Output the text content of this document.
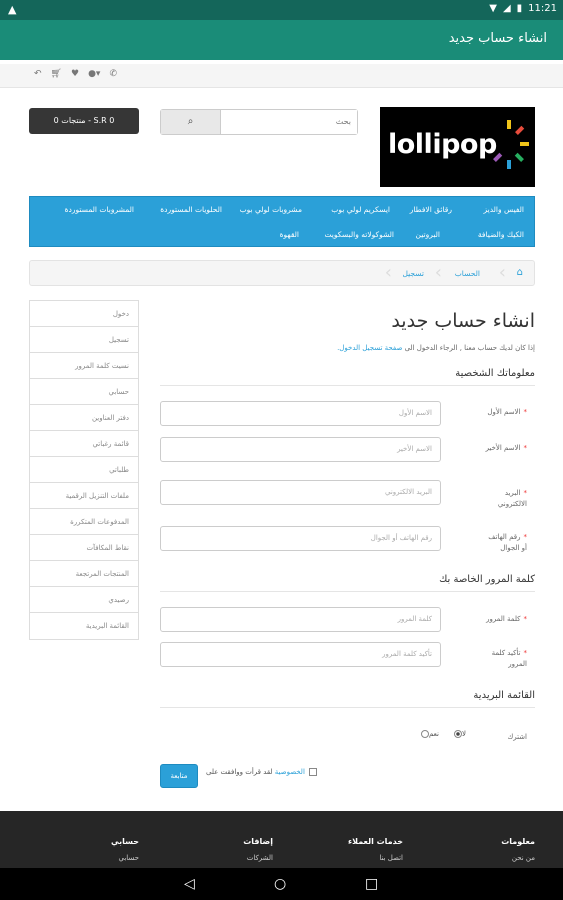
▲	▼ ◢ ▮ 11:21
انشاء حساب جديد
↶ 🛒︎ ♥ ●▾ ✆
0 منتجات - S.R 0	⌕
بحث
lollipop
الفيس والديز
رقائق الافطار
ايسكريم لولي بوب
مشروبات لولي بوب
الحلويات المستوردة
المشروبات المستوردة
الكيك والضيافة
البروتين
الشوكولاته والبسكويت
القهوة
⌂
‹
الحساب
‹
تسجيل
‹
دخول
تسجيل
نسيت كلمة المرور
حسابي
دفتر العناوين
قائمة رغباتي
طلباتي
ملفات التنزيل الرقمية
المدفوعات المتكررة
نقاط المكافآت
المنتجات المرتجعة
رصيدي
القائمة البريدية
انشاء حساب جديد
إذا كان لديك حساب معنا , الرجاء الدخول الى صفحة تسجيل الدخول.
معلوماتك الشخصية
*الاسم الأول
الاسم الأول
*الاسم الأخير
الاسم الأخير
*البريد الالكتروني
البريد الالكتروني
*رقم الهاتف أو الجوال
رقم الهاتف أو الجوال
كلمة المرور الخاصة بك
*كلمة المرور
كلمة المرور
*تأكيد كلمة المرور
تأكيد كلمة المرور
القائمة البريدية
اشترك
نعم	لا
الخصوصية لقد قرأت ووافقت على
متابعة
معلومات
من نحن
خدمات العملاء
اتصل بنا
إضافات
الشركات
حسابي
حسابي
◁	○	□
